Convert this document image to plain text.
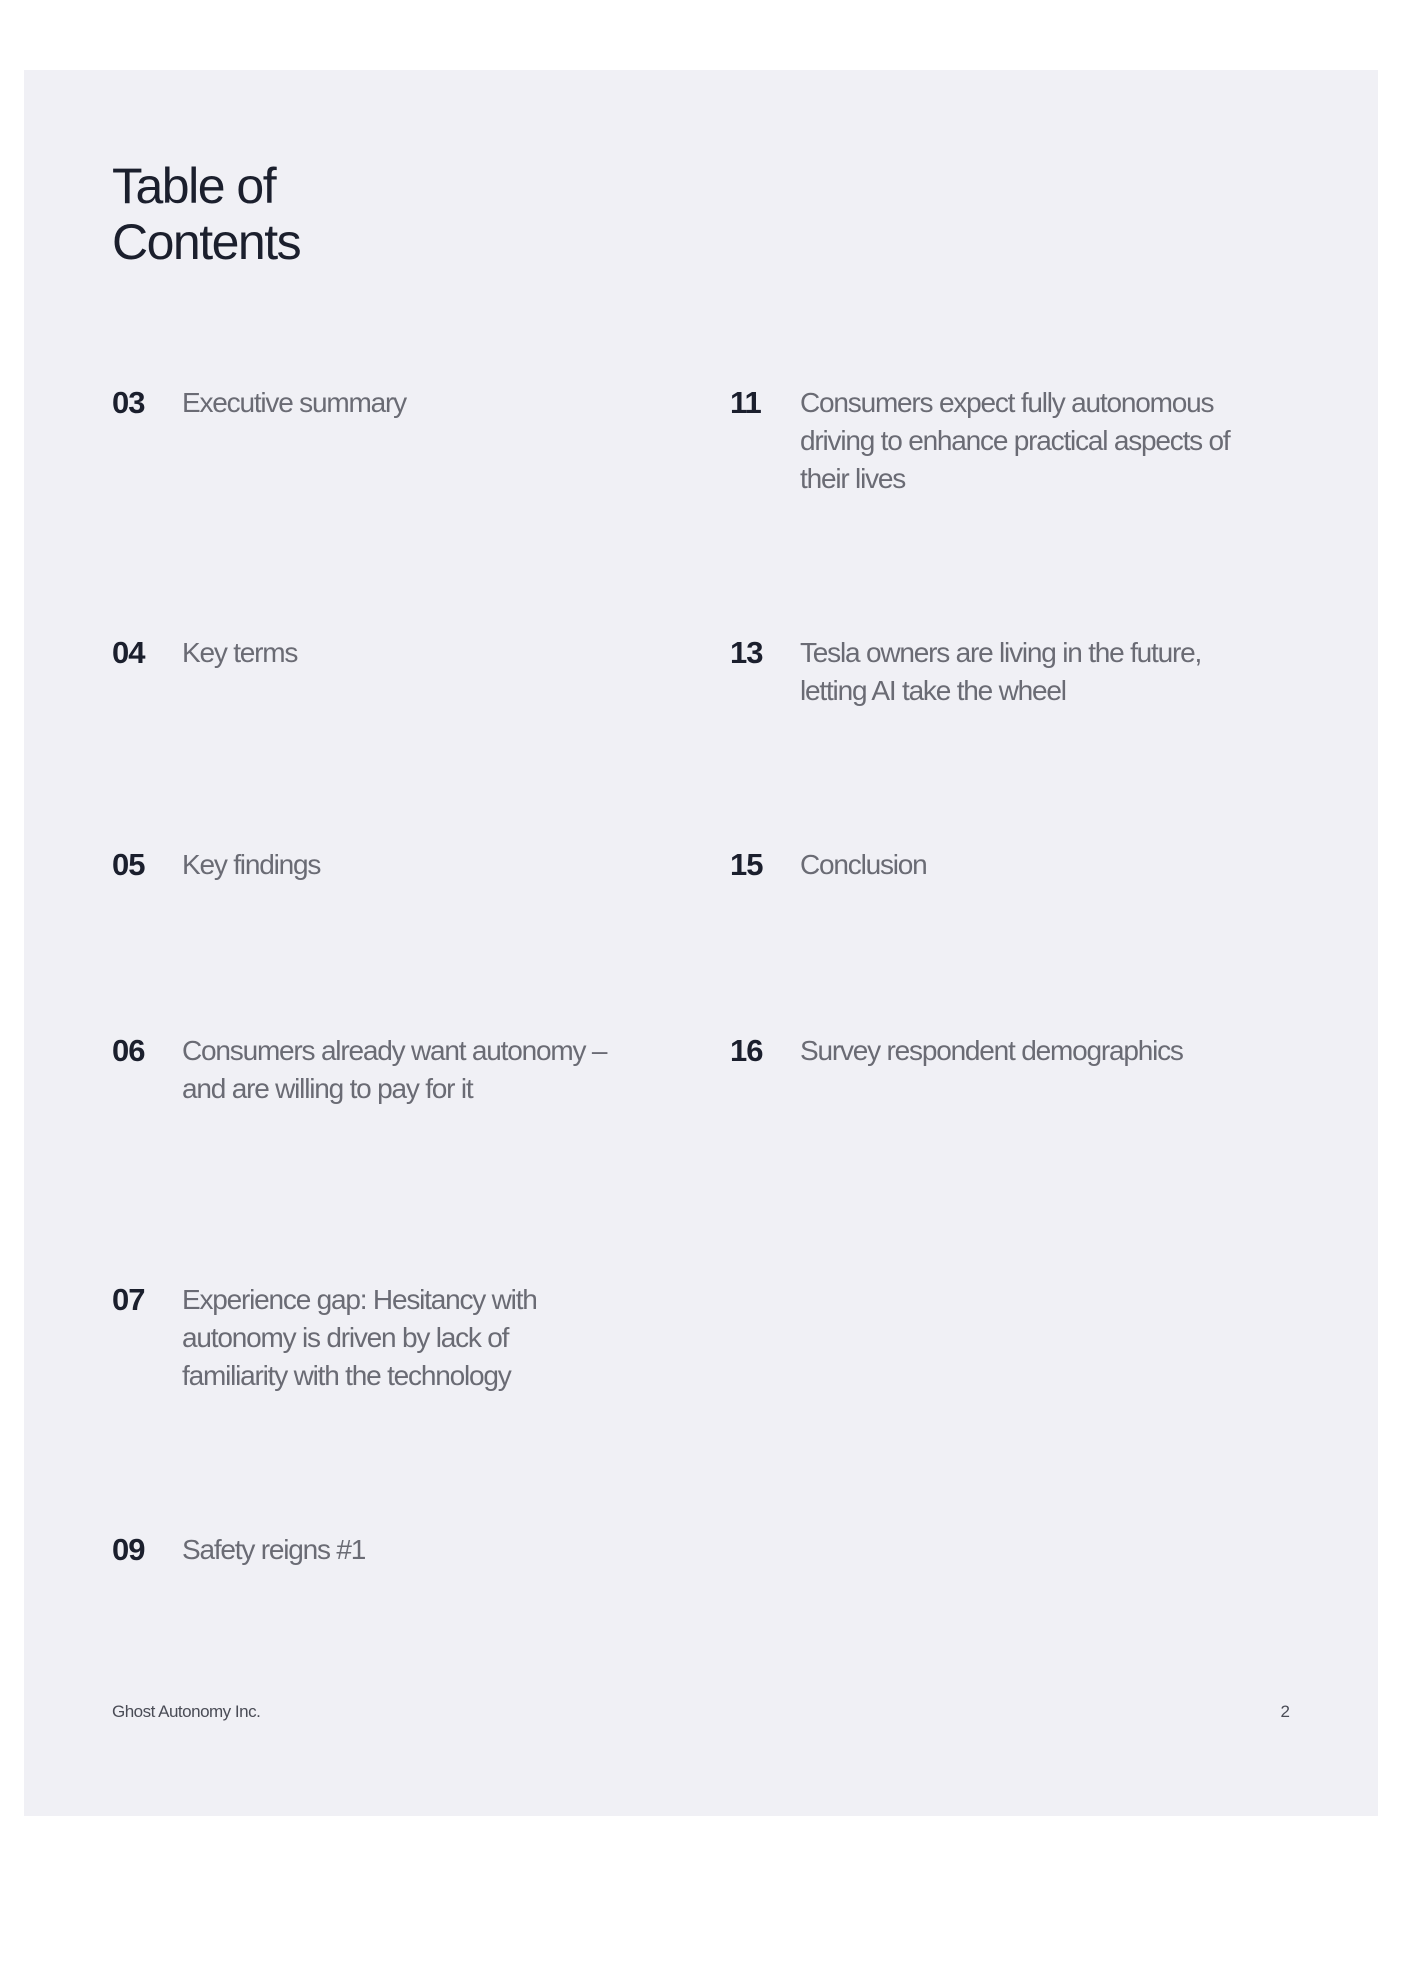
Table of
Contents
03	Executive summary
04	Key terms
05	Key findings
06	Consumers already want autonomy – and are willing to pay for it
07	Experience gap: Hesitancy with autonomy is driven by lack of familiarity with the technology
09	Safety reigns #1
11	Consumers expect fully autonomous driving to enhance practical aspects of their lives
13	Tesla owners are living in the future, letting AI take the wheel
15	Conclusion
16	Survey respondent demographics
Ghost Autonomy Inc.	2
